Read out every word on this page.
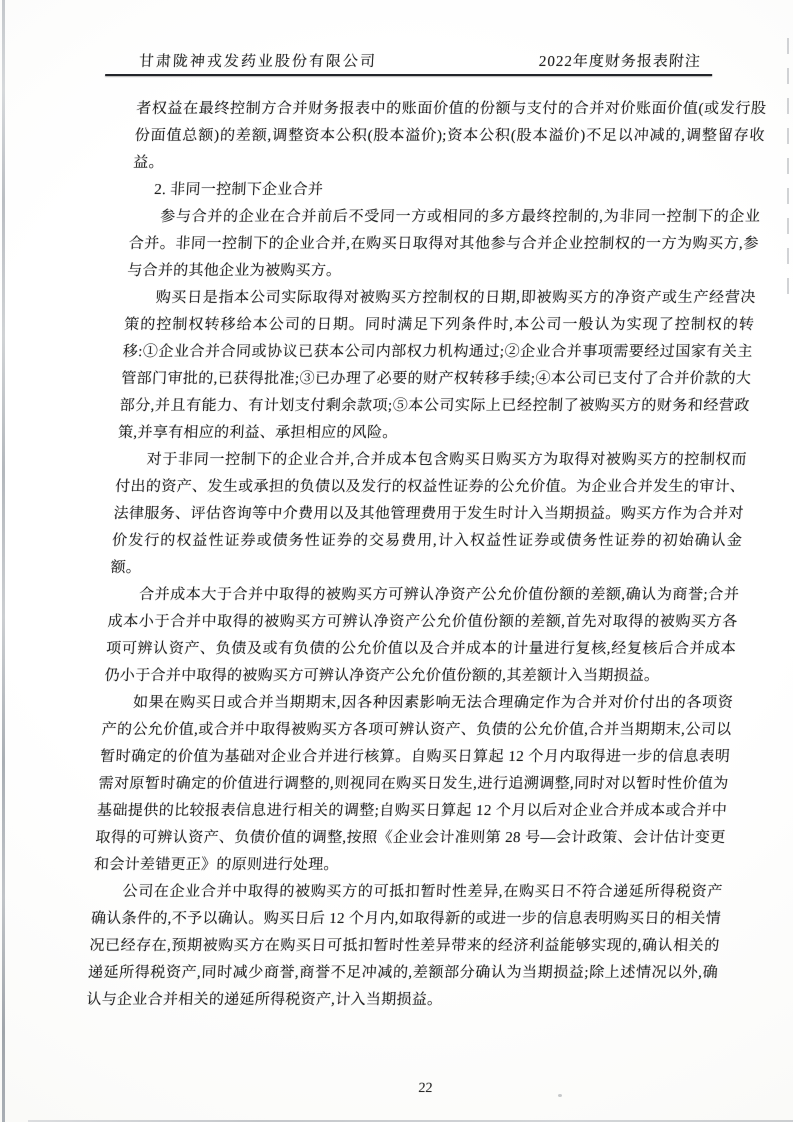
甘肃陇神戎发药业股份有限公司	2022年度财务报表附注

者权益在最终控制方合并财务报表中的账面价值的份额与支付的合并对价账面价值(或发行股份面值总额)的差额,调整资本公积(股本溢价);资本公积(股本溢价)不足以冲减的,调整留存收益。

2. 非同一控制下企业合并

参与合并的企业在合并前后不受同一方或相同的多方最终控制的,为非同一控制下的企业合并。非同一控制下的企业合并,在购买日取得对其他参与合并企业控制权的一方为购买方,参与合并的其他企业为被购买方。

购买日是指本公司实际取得对被购买方控制权的日期,即被购买方的净资产或生产经营决策的控制权转移给本公司的日期。同时满足下列条件时,本公司一般认为实现了控制权的转移:①企业合并合同或协议已获本公司内部权力机构通过;②企业合并事项需要经过国家有关主管部门审批的,已获得批准;③已办理了必要的财产权转移手续;④本公司已支付了合并价款的大部分,并且有能力、有计划支付剩余款项;⑤本公司实际上已经控制了被购买方的财务和经营政策,并享有相应的利益、承担相应的风险。

对于非同一控制下的企业合并,合并成本包含购买日购买方为取得对被购买方的控制权而付出的资产、发生或承担的负债以及发行的权益性证券的公允价值。为企业合并发生的审计、法律服务、评估咨询等中介费用以及其他管理费用于发生时计入当期损益。购买方作为合并对价发行的权益性证券或债务性证券的交易费用,计入权益性证券或债务性证券的初始确认金额。

合并成本大于合并中取得的被购买方可辨认净资产公允价值份额的差额,确认为商誉;合并成本小于合并中取得的被购买方可辨认净资产公允价值份额的差额,首先对取得的被购买方各项可辨认资产、负债及或有负债的公允价值以及合并成本的计量进行复核,经复核后合并成本仍小于合并中取得的被购买方可辨认净资产公允价值份额的,其差额计入当期损益。

如果在购买日或合并当期期末,因各种因素影响无法合理确定作为合并对价付出的各项资产的公允价值,或合并中取得被购买方各项可辨认资产、负债的公允价值,合并当期期末,公司以暂时确定的价值为基础对企业合并进行核算。自购买日算起 12 个月内取得进一步的信息表明需对原暂时确定的价值进行调整的,则视同在购买日发生,进行追溯调整,同时对以暂时性价值为基础提供的比较报表信息进行相关的调整;自购买日算起 12 个月以后对企业合并成本或合并中取得的可辨认资产、负债价值的调整,按照《企业会计准则第 28 号—会计政策、会计估计变更和会计差错更正》的原则进行处理。

公司在企业合并中取得的被购买方的可抵扣暂时性差异,在购买日不符合递延所得税资产确认条件的,不予以确认。购买日后 12 个月内,如取得新的或进一步的信息表明购买日的相关情况已经存在,预期被购买方在购买日可抵扣暂时性差异带来的经济利益能够实现的,确认相关的递延所得税资产,同时减少商誉,商誉不足冲减的,差额部分确认为当期损益;除上述情况以外,确认与企业合并相关的递延所得税资产,计入当期损益。

22
